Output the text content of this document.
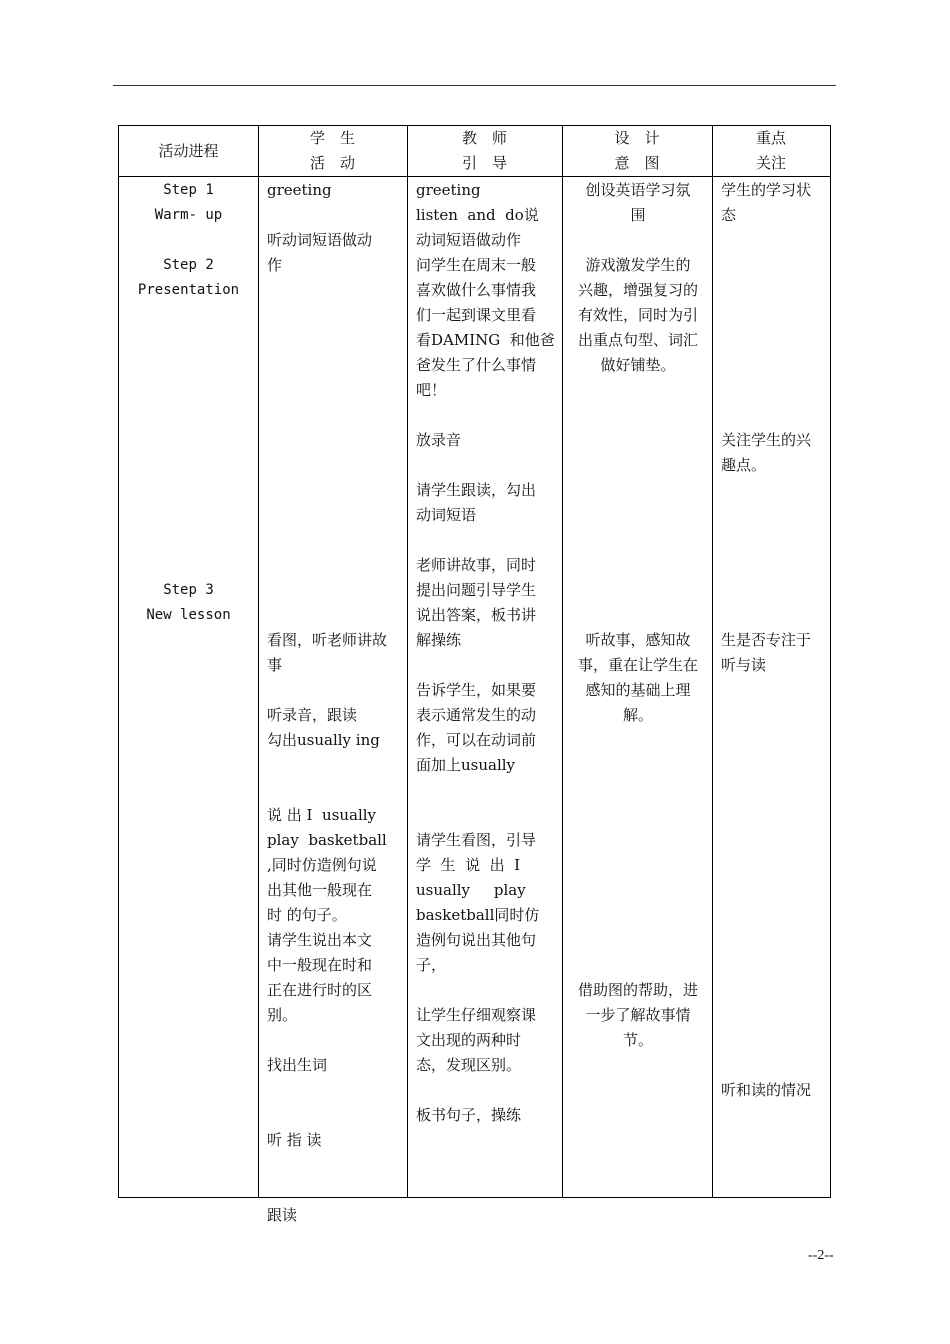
活动进程
学　生
活　动
教　师
引　导
设　计
意　图
重点
关注
Step 1
Warm- up
Step 2
Presentation
Step 3
New lesson
greeting
听动词短语做动
作
看图，听老师讲故
事
听录音，跟读
勾出usually ing
说 出 I  usually
play  basketball
,同时仿造例句说
出其他一般现在
时 的句子。
请学生说出本文
中一般现在时和
正在进行时的区
别。
找出生词
听 指 读
跟读
greeting
listen  and  do说
动词短语做动作
问学生在周末一般
喜欢做什么事情我
们一起到课文里看
看DAMING  和他爸
爸发生了什么事情
吧！
放录音
请学生跟读，勾出
动词短语
老师讲故事，同时
提出问题引导学生
说出答案，板书讲
解操练
告诉学生，如果要
表示通常发生的动
作，可以在动词前
面加上usually
请学生看图，引导
学  生  说  出  I
usually     play
basketball同时仿
造例句说出其他句
子，
让学生仔细观察课
文出现的两种时
态，发现区别。
板书句子，操练
创设英语学习氛
围
游戏激发学生的
兴趣，增强复习的
有效性，同时为引
出重点句型、词汇
做好铺垫。
听故事，感知故
事，重在让学生在
感知的基础上理
解。
借助图的帮助，进
一步了解故事情
节。
学生的学习状
态
关注学生的兴
趣点。
生是否专注于
听与读
听和读的情况
--2--
